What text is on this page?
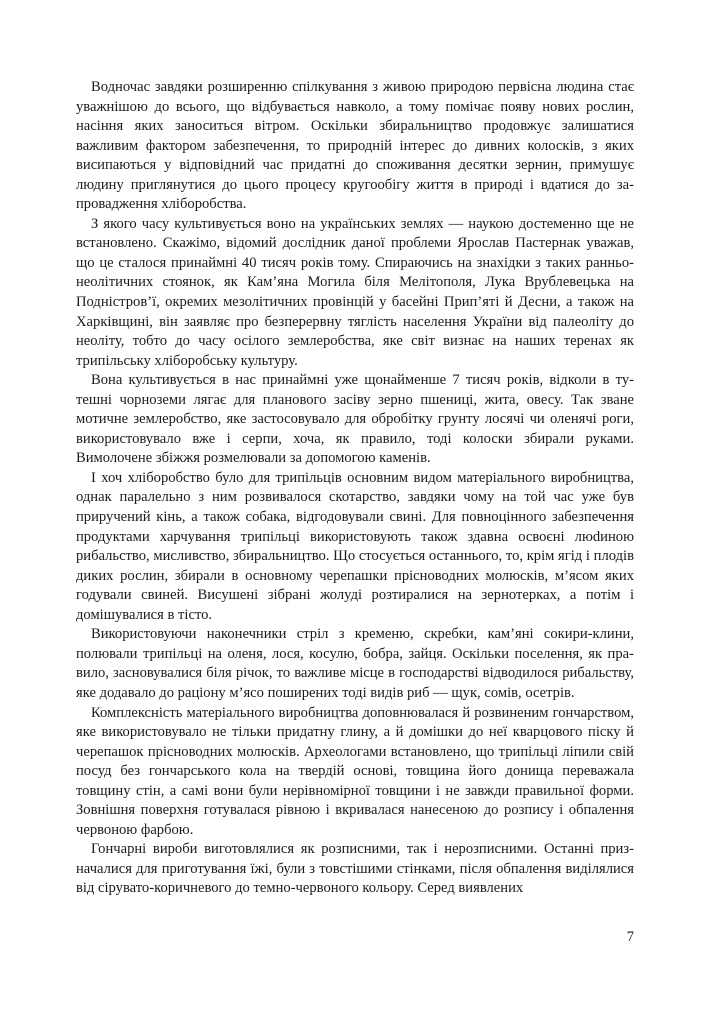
Водночас завдяки розширенню спілкування з живою природою первісна людина стає уважнішою до всього, що відбувається навколо, а тому помічає появу нових рослин, насіння яких заноситься вітром. Оскільки збиральництво продовжує залишатися важливим фактором забезпечення, то природній інтерес до дивних колосків, з яких висипаються у відповідний час придатні до споживання десятки зернин, примушує людину приглянутися до цього процесу кругообігу життя в природі і вдатися до запровадження хліборобства.

З якого часу культивується воно на українських землях — наукою достеменно ще не встановлено. Скажімо, відомий дослідник даної проблеми Ярослав Пастернак уважав, що це сталося принаймні 40 тисяч років тому. Спираючись на знахідки з таких ранньо-неолітичних стоянок, як Кам’яна Могила біля Мелітополя, Лука Врублевецька на Подністров’ї, окремих мезолітичних провінцій у басейні Прип’яті й Десни, а також на Харківщині, він заявляє про безперервну тяглість населення України від палеоліту до неоліту, тобто до часу осілого землеробства, яке світ визнає на наших теренах як трипільську хліборобську культуру.

Вона культивується в нас принаймні уже щонайменше 7 тисяч років, відколи в тутешні чорноземи лягає для планового засіву зерно пшениці, жита, овесу. Так зване мотичне землеробство, яке застосовувало для обробітку грунту лосячі чи оленячі роги, використовувало вже і серпи, хоча, як правило, тоді колоски збирали руками. Вимолочене збіжжя розмелювали за допомогою каменів.

І хоч хліборобство було для трипільців основним видом матеріального виробництва, однак паралельно з ним розвивалося скотарство, завдяки чому на той час уже був приручений кінь, а також собака, відгодовували свині. Для повноцінного забезпечення продуктами харчування трипільці використовують також здавна освоєні люdиною рибальство, мисливство, збиральництво. Що стосується останнього, то, крім ягід і плодів диких рослин, збирали в основному черепашки прісноводних молюсків, м’ясом яких годували свиней. Висушені зібрані жолуді розтиралися на зернотерках, а потім і домішувалися в тісто.

Використовуючи наконечники стріл з кременю, скребки, кам’яні сокири-клини, полювали трипільці на оленя, лося, косулю, бобра, зайця. Оскільки поселення, як правило, засновувалися біля річок, то важливе місце в господарстві відводилося рибальству, яке додавало до раціону м’ясо поширених тоді видів риб — щук, сомів, осетрів.

Комплексність матеріального виробництва доповнювалася й розвиненим гончарством, яке використовувало не тільки придатну глину, а й домішки до неї кварцового піску й черепашок прісноводних молюсків. Археологами встановлено, що трипільці ліпили свій посуд без гончарського кола на твердій основі, товщина його донища переважала товщину стін, а самі вони були нерівномірної товщини і не завжди правильної форми. Зовнішня поверхня готувалася рівною і вкривалася нанесеною до розпису і обпалення червоною фарбою.

Гончарні вироби виготовлялися як розписними, так і нерозписними. Останні призначалися для приготування їжі, були з товстішими стінками, після обпалення виділялися від сірувато-коричневого до темно-червоного кольору. Серед виявлених

7
